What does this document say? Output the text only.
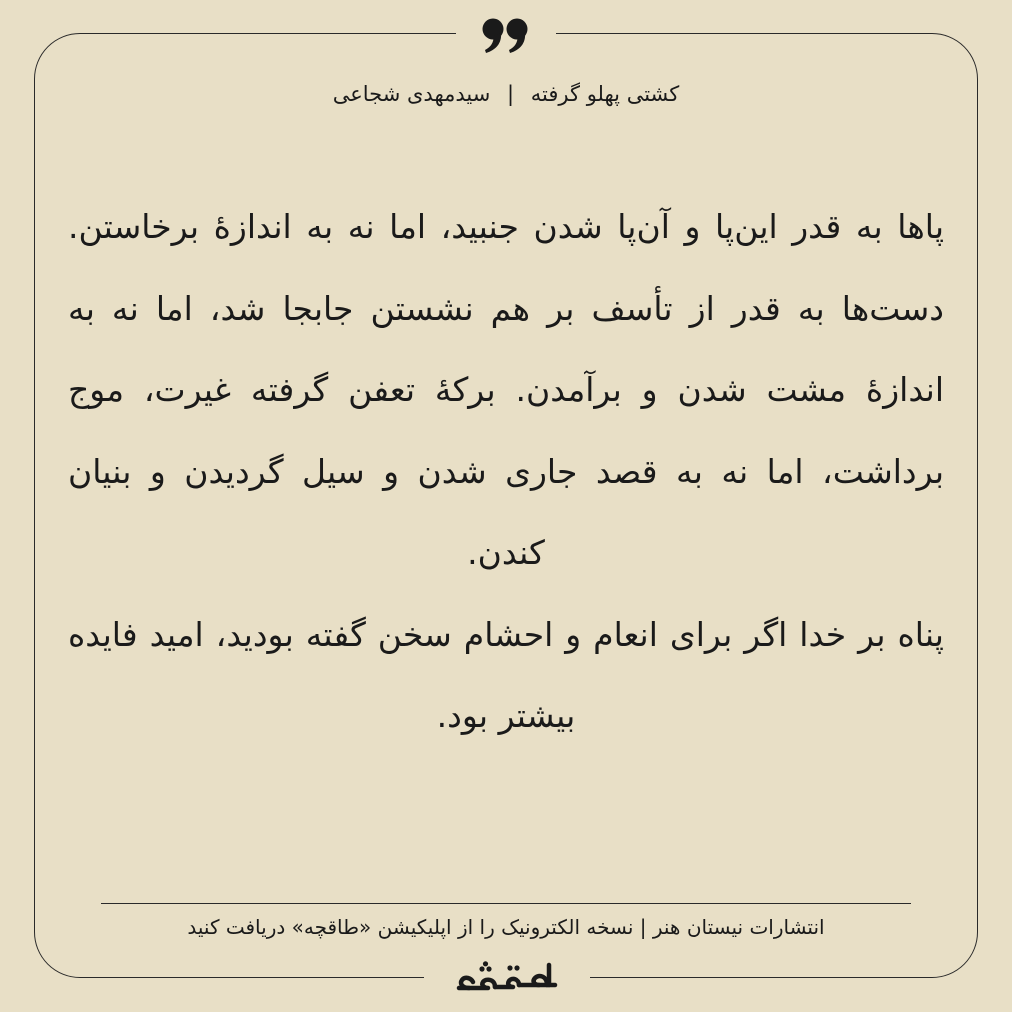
کشتی پهلو گرفته | سیدمهدی شجاعی

پاها به قدر این‌پا و آن‌پا شدن جنبید، اما نه به اندازهٔ برخاستن. دست‌ها به قدر از تأسف بر هم نشستن جابجا شد، اما نه به اندازهٔ مشت شدن و برآمدن. برکهٔ تعفن گرفته غیرت، موج برداشت، اما نه به قصد جاری شدن و سیل گردیدن و بنیان کندن.

پناه بر خدا اگر برای انعام و احشام سخن گفته بودید، امید فایده بیشتر بود.

انتشارات نیستان هنر | نسخه الکترونیک را از اپلیکیشن «طاقچه» دریافت کنید
